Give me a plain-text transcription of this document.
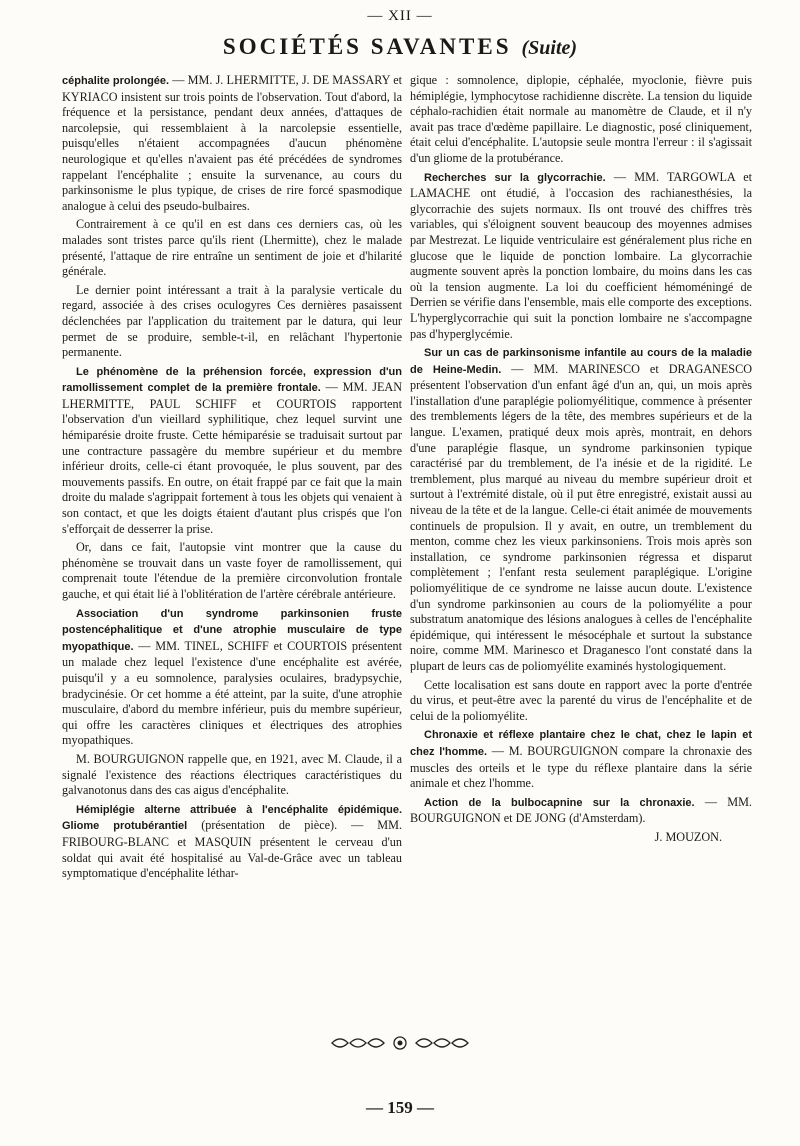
— XII —
SOCIÉTÉS SAVANTES (Suite)

céphalite prolongée. — MM. J. LHERMITTE, J. DE MASSARY et KYRIACO insistent sur trois points de l'observation. Tout d'abord, la fréquence et la persistance, pendant deux années, d'attaques de narcolepsie, qui ressemblaient à la narcolepsie essentielle, puisqu'elles n'étaient accompagnées d'aucun phénomène neurologique et qu'elles n'avaient pas été précédées de syndromes rappelant l'encéphalite ; ensuite la survenance, au cours du parkinsonisme le plus typique, de crises de rire forcé spasmodique analogue à celui des pseudo-bulbaires.

Contrairement à ce qu'il en est dans ces derniers cas, où les malades sont tristes parce qu'ils rient (Lhermitte), chez le malade présenté, l'attaque de rire entraîne un sentiment de joie et d'hilarité générale.

Le dernier point intéressant a trait à la paralysie verticale du regard, associée à des crises oculogyres Ces dernières pasaissent déclenchées par l'application du traitement par le datura, qui leur permet de se produire, semble-t-il, en relâchant l'hypertonie permanente.

Le phénomène de la préhension forcée, expression d'un ramollissement complet de la première frontale. — MM. JEAN LHERMITTE, PAUL SCHIFF et COURTOIS rapportent l'observation d'un vieillard syphilitique, chez lequel survint une hémiparésie droite fruste. Cette hémiparésie se traduisait surtout par une contracture passagère du membre supérieur et du membre inférieur droits, celle-ci étant provoquée, le plus souvent, par des mouvements passifs. En outre, on était frappé par ce fait que la main droite du malade s'agrippait fortement à tous les objets qui venaient à son contact, et que les doigts étaient d'autant plus crispés que l'on s'efforçait de desserrer la prise.

Or, dans ce fait, l'autopsie vint montrer que la cause du phénomène se trouvait dans un vaste foyer de ramollissement, qui comprenait toute l'étendue de la première circonvolution frontale gauche, et qui était lié à l'oblitération de l'artère cérébrale antérieure.

Association d'un syndrome parkinsonien fruste postencéphalitique et d'une atrophie musculaire de type myopathique. — MM. TINEL, SCHIFF et COURTOIS présentent un malade chez lequel l'existence d'une encéphalite est avérée, puisqu'il y a eu somnolence, paralysies oculaires, bradypsychie, bradycinésie. Or cet homme a été atteint, par la suite, d'une atrophie musculaire, d'abord du membre inférieur, puis du membre supérieur, qui offre les caractères cliniques et électriques des atrophies myopathiques.

M. BOURGUIGNON rappelle que, en 1921, avec M. Claude, il a signalé l'existence des réactions électriques caractéristiques du galvanotonus dans des cas aigus d'encéphalite.

Hémiplégie alterne attribuée à l'encéphalite épidémique. Gliome protubérantiel (présentation de pièce). — MM. FRIBOURG-BLANC et MASQUIN présentent le cerveau d'un soldat qui avait été hospitalisé au Val-de-Grâce avec un tableau symptomatique d'encéphalite léthar-

gique : somnolence, diplopie, céphalée, myoclonie, fièvre puis hémiplégie, lymphocytose rachidienne discrète. La tension du liquide céphalo-rachidien était normale au manomètre de Claude, et il n'y avait pas trace d'œdème papillaire. Le diagnostic, posé cliniquement, était celui d'encéphalite. L'autopsie seule montra l'erreur : il s'agissait d'un gliome de la protubérance.

Recherches sur la glycorrachie. — MM. TARGOWLA et LAMACHE ont étudié, à l'occasion des rachianesthésies, la glycorrachie des sujets normaux. Ils ont trouvé des chiffres très variables, qui s'éloignent souvent beaucoup des moyennes admises par Mestrezat. Le liquide ventriculaire est généralement plus riche en glucose que le liquide de ponction lombaire. La glycorrachie augmente souvent après la ponction lombaire, du moins dans les cas où la tension augmente. La loi du coefficient hémoméningé de Derrien se vérifie dans l'ensemble, mais elle comporte des exceptions. L'hyperglycorrachie qui suit la ponction lombaire ne s'accompagne pas d'hyperglycémie.

Sur un cas de parkinsonisme infantile au cours de la maladie de Heine-Medin. — MM. MARINESCO et DRAGANESCO présentent l'observation d'un enfant âgé d'un an, qui, un mois après l'installation d'une paraplégie poliomyélitique, commence à présenter des tremblements légers de la tête, des membres supérieurs et de la langue. L'examen, pratiqué deux mois après, montrait, en dehors d'une paraplégie flasque, un syndrome parkinsonien typique caractérisé par du tremblement, de l'a inésie et de la rigidité. Le tremblement, plus marqué au niveau du membre supérieur droit et surtout à l'extrémité distale, où il put être enregistré, existait aussi au niveau de la tête et de la langue. Celle-ci était animée de mouvements continuels de propulsion. Il y avait, en outre, un tremblement du menton, comme chez les vieux parkinsoniens. Trois mois après son installation, ce syndrome parkinsonien régressa et disparut complètement ; l'enfant resta seulement paraplégique. L'origine poliomyélitique de ce syndrome ne laisse aucun doute. L'existence d'un syndrome parkinsonien au cours de la poliomyélite a pour substratum anatomique des lésions analogues à celles de l'encéphalite épidémique, qui intéressent le mésocéphale et surtout la substance noire, comme MM. Marinesco et Draganesco l'ont constaté dans la plupart de leurs cas de poliomyélite examinés hystologiquement.

Cette localisation est sans doute en rapport avec la porte d'entrée du virus, et peut-être avec la parenté du virus de l'encéphalite et de celui de la poliomyélite.

Chronaxie et réflexe plantaire chez le chat, chez le lapin et chez l'homme. — M. BOURGUIGNON compare la chronaxie des muscles des orteils et le type du réflexe plantaire dans la série animale et chez l'homme.

Action de la bulbocapnine sur la chronaxie. — MM. BOURGUIGNON et DE JONG (d'Amsterdam).

J. MOUZON.

— 159 —
